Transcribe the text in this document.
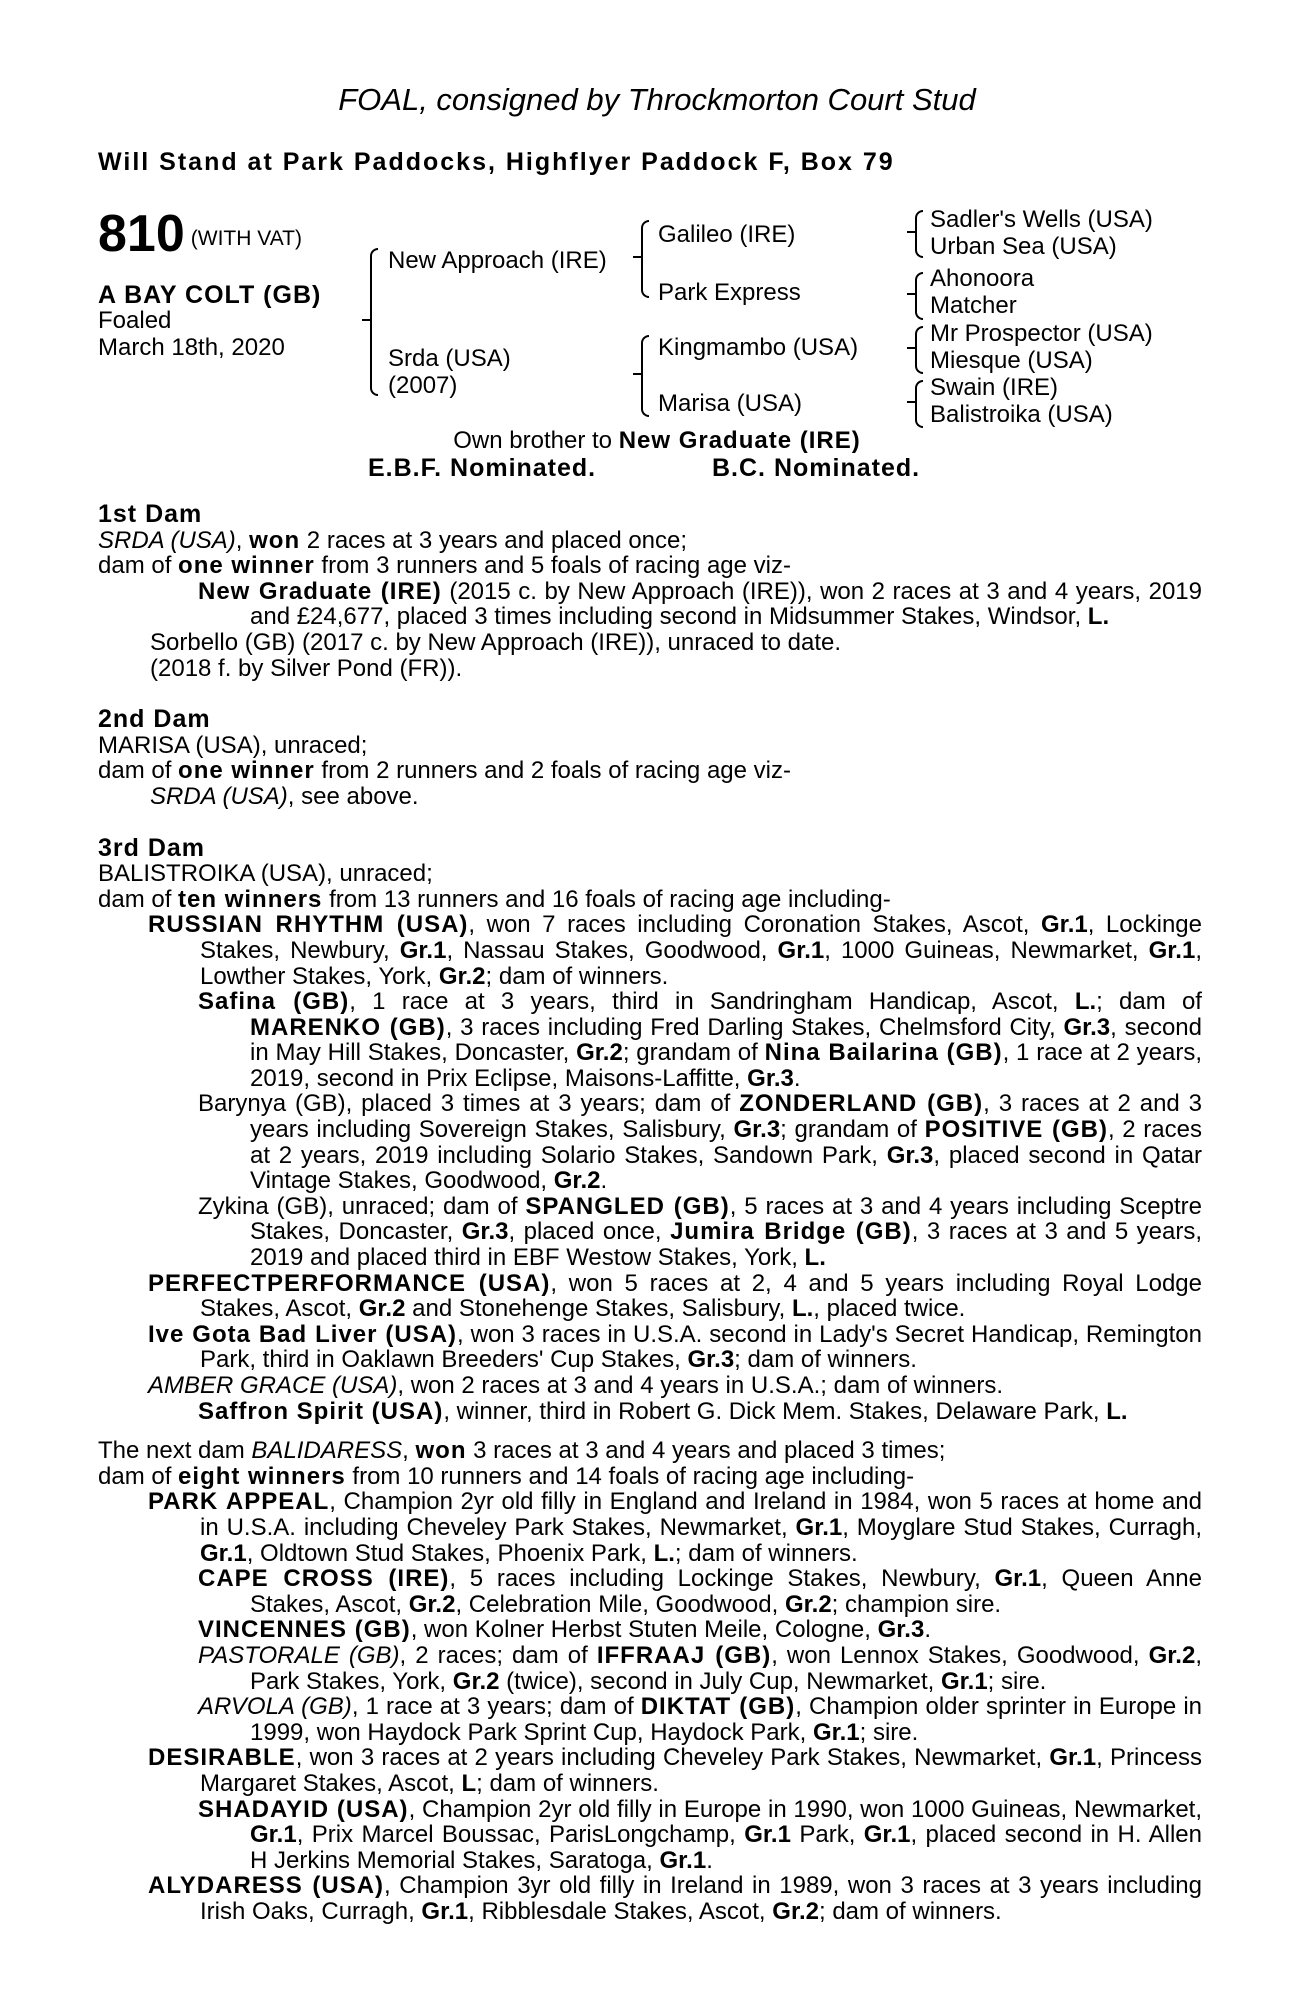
FOAL, consigned by Throckmorton Court Stud
Will Stand at Park Paddocks, Highflyer Paddock F, Box 79
810 (WITH VAT)
A BAY COLT (GB)
Foaled
March 18th, 2020
New Approach (IRE)
Srda (USA)
(2007)
Galileo (IRE)
Park Express
Kingmambo (USA)
Marisa (USA)
Sadler's Wells (USA)
Urban Sea (USA)
Ahonoora
Matcher
Mr Prospector (USA)
Miesque (USA)
Swain (IRE)
Balistroika (USA)
Own brother to New Graduate (IRE)
E.B.F. Nominated.	B.C. Nominated.

1st Dam

SRDA (USA), won 2 races at 3 years and placed once;

dam of one winner from 3 runners and 5 foals of racing age viz-

New Graduate (IRE) (2015 c. by New Approach (IRE)), won 2 races at 3 and 4 years, 2019 and £24,677, placed 3 times including second in Midsummer Stakes, Windsor, L.

Sorbello (GB) (2017 c. by New Approach (IRE)), unraced to date.

(2018 f. by Silver Pond (FR)).

2nd Dam

MARISA (USA), unraced;

dam of one winner from 2 runners and 2 foals of racing age viz-

SRDA (USA), see above.

3rd Dam

BALISTROIKA (USA), unraced;

dam of ten winners from 13 runners and 16 foals of racing age including-

RUSSIAN RHYTHM (USA), won 7 races including Coronation Stakes, Ascot, Gr.1, Lockinge Stakes, Newbury, Gr.1, Nassau Stakes, Goodwood, Gr.1, 1000 Guineas, Newmarket, Gr.1, Lowther Stakes, York, Gr.2; dam of winners.

Safina (GB), 1 race at 3 years, third in Sandringham Handicap, Ascot, L.; dam of MARENKO (GB), 3 races including Fred Darling Stakes, Chelmsford City, Gr.3, second in May Hill Stakes, Doncaster, Gr.2; grandam of Nina Bailarina (GB), 1 race at 2 years, 2019, second in Prix Eclipse, Maisons-Laffitte, Gr.3.

Barynya (GB), placed 3 times at 3 years; dam of ZONDERLAND (GB), 3 races at 2 and 3 years including Sovereign Stakes, Salisbury, Gr.3; grandam of POSITIVE (GB), 2 races at 2 years, 2019 including Solario Stakes, Sandown Park, Gr.3, placed second in Qatar Vintage Stakes, Goodwood, Gr.2.

Zykina (GB), unraced; dam of SPANGLED (GB), 5 races at 3 and 4 years including Sceptre Stakes, Doncaster, Gr.3, placed once, Jumira Bridge (GB), 3 races at 3 and 5 years, 2019 and placed third in EBF Westow Stakes, York, L.

PERFECTPERFORMANCE (USA), won 5 races at 2, 4 and 5 years including Royal Lodge Stakes, Ascot, Gr.2 and Stonehenge Stakes, Salisbury, L., placed twice.

Ive Gota Bad Liver (USA), won 3 races in U.S.A. second in Lady's Secret Handicap, Remington Park, third in Oaklawn Breeders' Cup Stakes, Gr.3; dam of winners.

AMBER GRACE (USA), won 2 races at 3 and 4 years in U.S.A.; dam of winners.

Saffron Spirit (USA), winner, third in Robert G. Dick Mem. Stakes, Delaware Park, L.

The next dam BALIDARESS, won 3 races at 3 and 4 years and placed 3 times;

dam of eight winners from 10 runners and 14 foals of racing age including-

PARK APPEAL, Champion 2yr old filly in England and Ireland in 1984, won 5 races at home and in U.S.A. including Cheveley Park Stakes, Newmarket, Gr.1, Moyglare Stud Stakes, Curragh, Gr.1, Oldtown Stud Stakes, Phoenix Park, L.; dam of winners.

CAPE CROSS (IRE), 5 races including Lockinge Stakes, Newbury, Gr.1, Queen Anne Stakes, Ascot, Gr.2, Celebration Mile, Goodwood, Gr.2; champion sire.

VINCENNES (GB), won Kolner Herbst Stuten Meile, Cologne, Gr.3.

PASTORALE (GB), 2 races; dam of IFFRAAJ (GB), won Lennox Stakes, Goodwood, Gr.2, Park Stakes, York, Gr.2 (twice), second in July Cup, Newmarket, Gr.1; sire.

ARVOLA (GB), 1 race at 3 years; dam of DIKTAT (GB), Champion older sprinter in Europe in 1999, won Haydock Park Sprint Cup, Haydock Park, Gr.1; sire.

DESIRABLE, won 3 races at 2 years including Cheveley Park Stakes, Newmarket, Gr.1, Princess Margaret Stakes, Ascot, L; dam of winners.

SHADAYID (USA), Champion 2yr old filly in Europe in 1990, won 1000 Guineas, Newmarket, Gr.1, Prix Marcel Boussac, ParisLongchamp, Gr.1 Park, Gr.1, placed second in H. Allen H Jerkins Memorial Stakes, Saratoga, Gr.1.

ALYDARESS (USA), Champion 3yr old filly in Ireland in 1989, won 3 races at 3 years including Irish Oaks, Curragh, Gr.1, Ribblesdale Stakes, Ascot, Gr.2; dam of winners.
